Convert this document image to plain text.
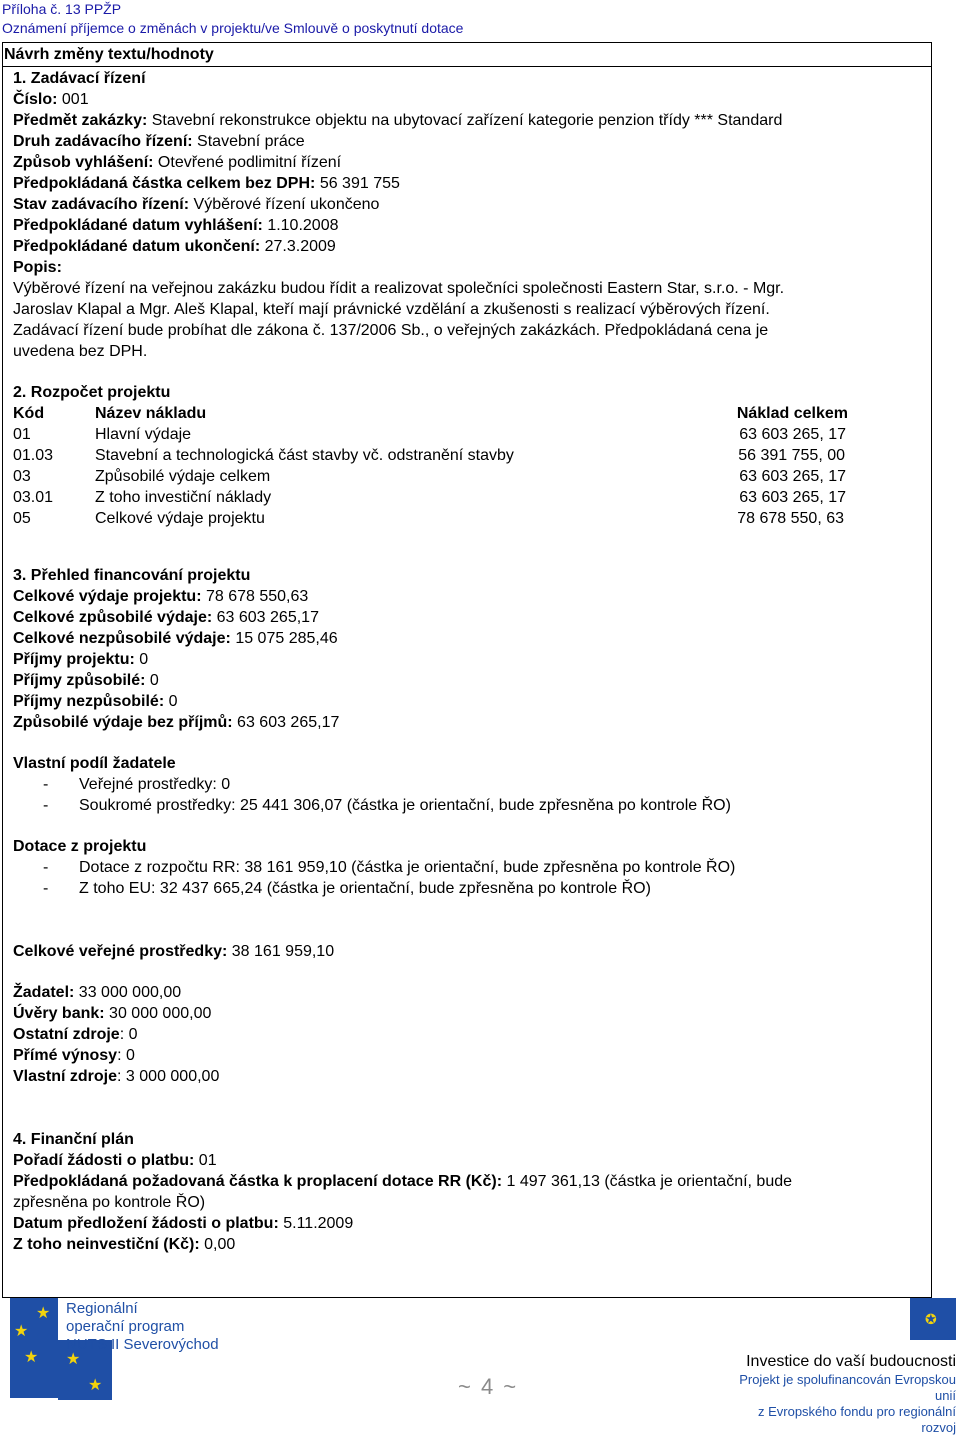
Příloha č. 13 PPŽP
Oznámení příjemce o změnách v projektu/ve Smlouvě o poskytnutí dotace
Návrh změny textu/hodnoty
1. Zadávací řízení
Číslo: 001
Předmět zakázky: Stavební rekonstrukce objektu na ubytovací zařízení kategorie penzion třídy *** Standard
Druh zadávacího řízení: Stavební práce
Způsob vyhlášení: Otevřené podlimitní řízení
Předpokládaná částka celkem bez DPH: 56 391 755
Stav zadávacího řízení: Výběrové řízení ukončeno
Předpokládané datum vyhlášení: 1.10.2008
Předpokládané datum ukončení: 27.3.2009
Popis:
Výběrové řízení na veřejnou zakázku budou řídit a realizovat společníci společnosti Eastern Star, s.r.o. - Mgr.
Jaroslav Klapal a Mgr. Aleš Klapal, kteří mají právnické vzdělání a zkušenosti s realizací výběrových řízení.
Zadávací řízení bude probíhat dle zákona č. 137/2006 Sb., o veřejných zakázkách. Předpokládaná cena je
uvedena bez DPH.
2. Rozpočet projektu
Kód	Název nákladu	Náklad celkem
01	Hlavní výdaje	63 603 265, 17
01.03	Stavební a technologická část stavby vč. odstranění stavby	56 391 755, 00
03	Způsobilé výdaje celkem	63 603 265, 17
03.01	Z toho investiční náklady	63 603 265, 17
05	Celkové výdaje projektu	78 678 550, 63
3. Přehled financování projektu
Celkové výdaje projektu: 78 678 550,63
Celkové způsobilé výdaje: 63 603 265,17
Celkové nezpůsobilé výdaje: 15 075 285,46
Příjmy projektu: 0
Příjmy způsobilé: 0
Příjmy nezpůsobilé: 0
Způsobilé výdaje bez příjmů: 63 603 265,17
Vlastní podíl žadatele
- Veřejné prostředky: 0
- Soukromé prostředky: 25 441 306,07 (částka je orientační, bude zpřesněna po kontrole ŘO)
Dotace z projektu
- Dotace z rozpočtu RR: 38 161 959,10 (částka je orientační, bude zpřesněna po kontrole ŘO)
- Z toho EU: 32 437 665,24 (částka je orientační, bude zpřesněna po kontrole ŘO)
Celkové veřejné prostředky: 38 161 959,10
Žadatel: 33 000 000,00
Úvěry bank: 30 000 000,00
Ostatní zdroje: 0
Přímé výnosy: 0
Vlastní zdroje: 3 000 000,00
4. Finanční plán
Pořadí žádosti o platbu: 01
Předpokládaná požadovaná částka k proplacení dotace RR (Kč): 1 497 361,13 (částka je orientační, bude
zpřesněna po kontrole ŘO)
Datum předložení žádosti o platbu: 5.11.2009
Z toho neinvestiční (Kč): 0,00
★
★
★
★
★
Regionální
operační program
NUTS II Severovýchod
~ 4 ~
✪
Investice do vaší budoucnosti
Projekt je spolufinancován Evropskou unií
z Evropského fondu pro regionální rozvoj
